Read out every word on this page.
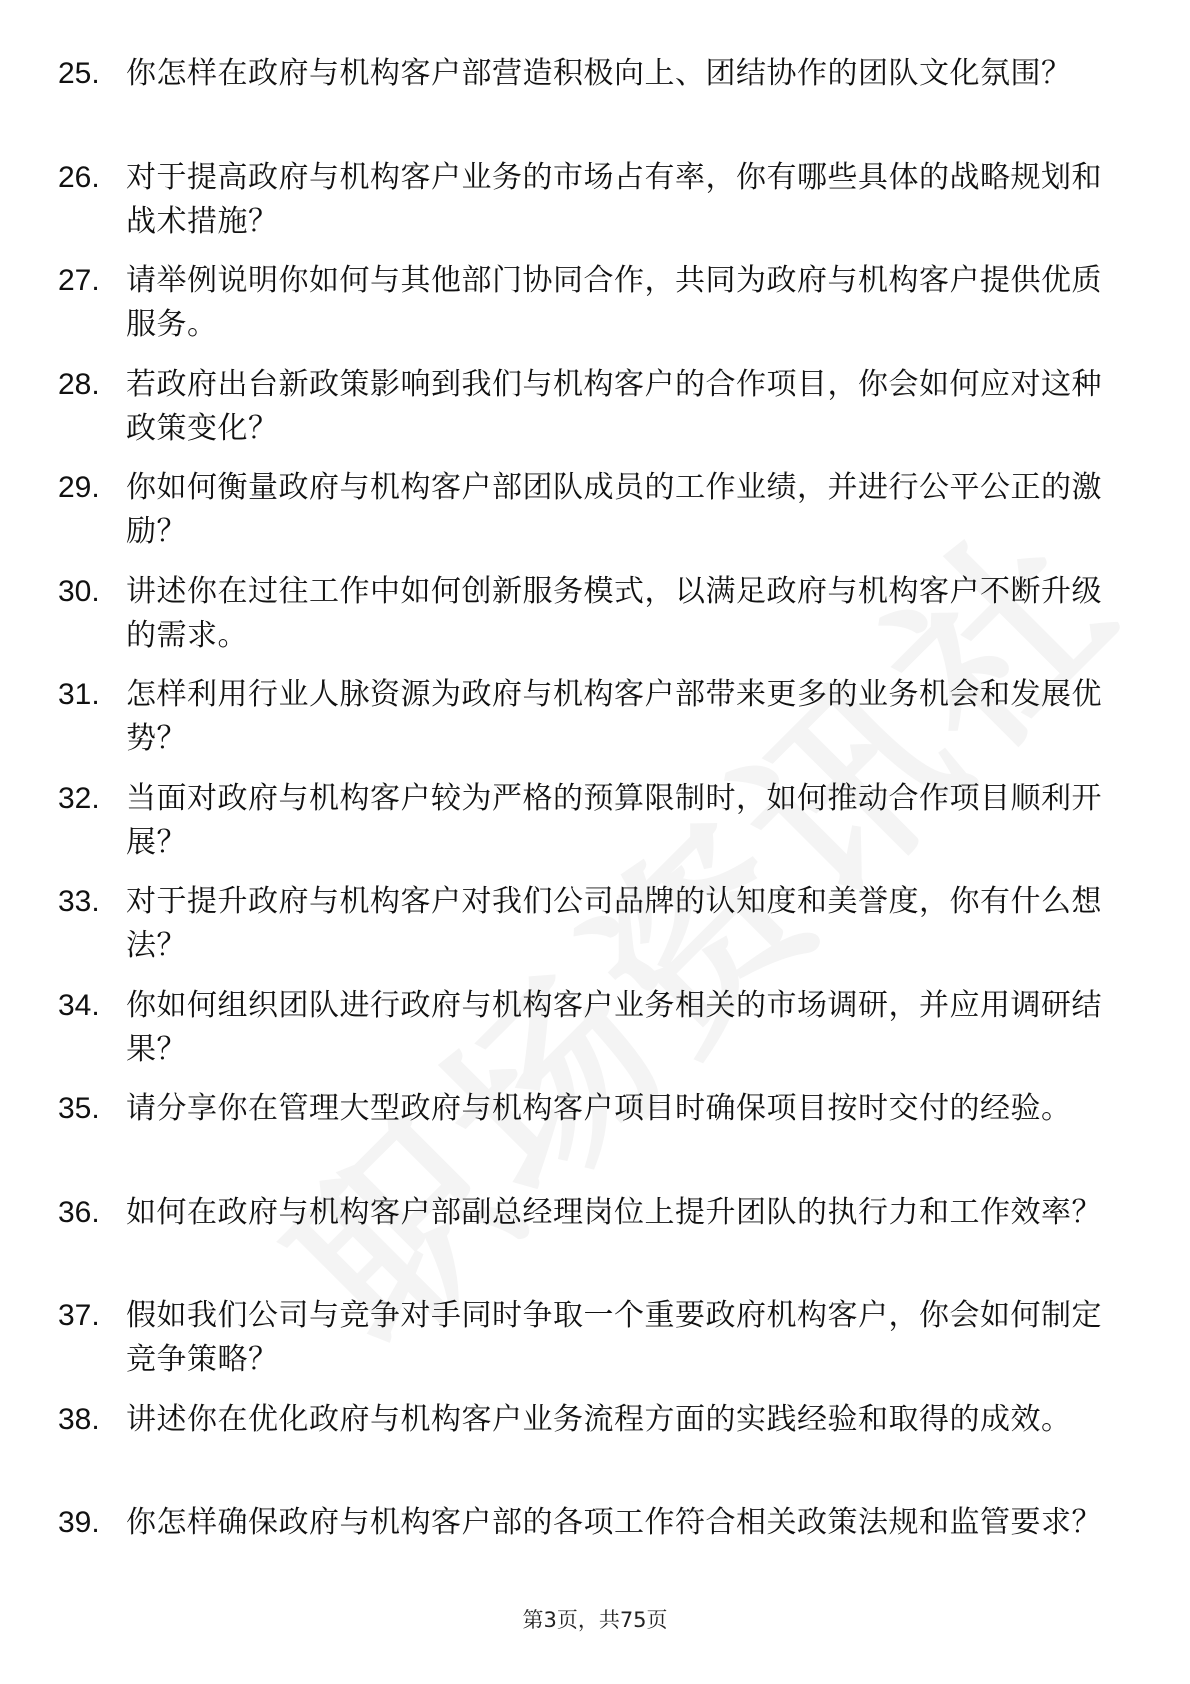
25. 你怎样在政府与机构客户部营造积极向上、团结协作的团队文化氛围？
26. 对于提高政府与机构客户业务的市场占有率，你有哪些具体的战略规划和战术措施？
27. 请举例说明你如何与其他部门协同合作，共同为政府与机构客户提供优质服务。
28. 若政府出台新政策影响到我们与机构客户的合作项目，你会如何应对这种政策变化？
29. 你如何衡量政府与机构客户部团队成员的工作业绩，并进行公平公正的激励？
30. 讲述你在过往工作中如何创新服务模式，以满足政府与机构客户不断升级的需求。
31. 怎样利用行业人脉资源为政府与机构客户部带来更多的业务机会和发展优势？
32. 当面对政府与机构客户较为严格的预算限制时，如何推动合作项目顺利开展？
33. 对于提升政府与机构客户对我们公司品牌的认知度和美誉度，你有什么想法？
34. 你如何组织团队进行政府与机构客户业务相关的市场调研，并应用调研结果？
35. 请分享你在管理大型政府与机构客户项目时确保项目按时交付的经验。
36. 如何在政府与机构客户部副总经理岗位上提升团队的执行力和工作效率？
37. 假如我们公司与竞争对手同时争取一个重要政府机构客户，你会如何制定竞争策略？
38. 讲述你在优化政府与机构客户业务流程方面的实践经验和取得的成效。
39. 你怎样确保政府与机构客户部的各项工作符合相关政策法规和监管要求？
第3页，共75页
